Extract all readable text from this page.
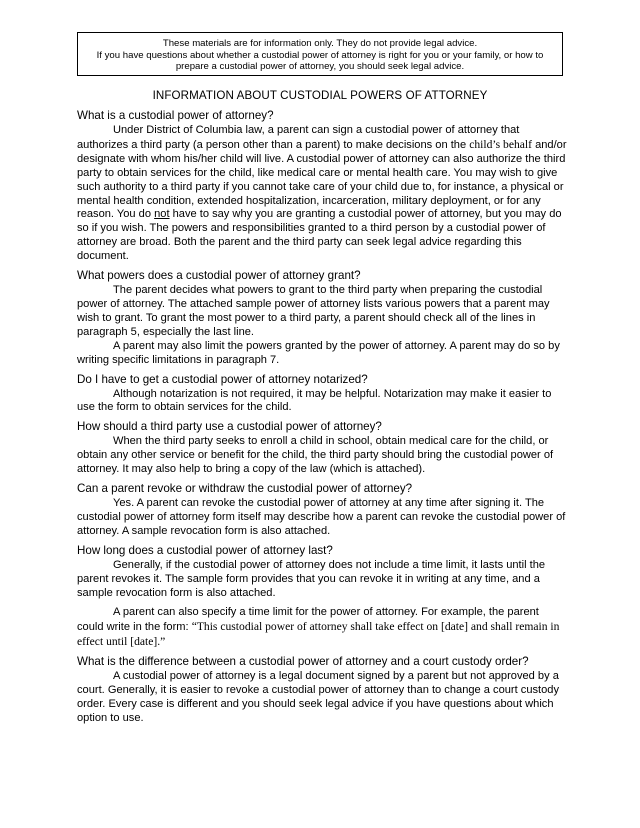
These materials are for information only. They do not provide legal advice.
If you have questions about whether a custodial power of attorney is right for you or your family, or how to prepare a custodial power of attorney, you should seek legal advice.
INFORMATION ABOUT CUSTODIAL POWERS OF ATTORNEY
What is a custodial power of attorney?

Under District of Columbia law, a parent can sign a custodial power of attorney that authorizes a third party (a person other than a parent) to make decisions on the child’s behalf and/or designate with whom his/her child will live. A custodial power of attorney can also authorize the third party to obtain services for the child, like medical care or mental health care. You may wish to give such authority to a third party if you cannot take care of your child due to, for instance, a physical or mental health condition, extended hospitalization, incarceration, military deployment, or for any reason. You do not have to say why you are granting a custodial power of attorney, but you may do so if you wish. The powers and responsibilities granted to a third person by a custodial power of attorney are broad. Both the parent and the third party can seek legal advice regarding this document.

What powers does a custodial power of attorney grant?

The parent decides what powers to grant to the third party when preparing the custodial power of attorney. The attached sample power of attorney lists various powers that a parent may wish to grant. To grant the most power to a third party, a parent should check all of the lines in paragraph 5, especially the last line.

A parent may also limit the powers granted by the power of attorney. A parent may do so by writing specific limitations in paragraph 7.

Do I have to get a custodial power of attorney notarized?

Although notarization is not required, it may be helpful. Notarization may make it easier to use the form to obtain services for the child.

How should a third party use a custodial power of attorney?

When the third party seeks to enroll a child in school, obtain medical care for the child, or obtain any other service or benefit for the child, the third party should bring the custodial power of attorney. It may also help to bring a copy of the law (which is attached).

Can a parent revoke or withdraw the custodial power of attorney?

Yes. A parent can revoke the custodial power of attorney at any time after signing it. The custodial power of attorney form itself may describe how a parent can revoke the custodial power of attorney. A sample revocation form is also attached.

How long does a custodial power of attorney last?

Generally, if the custodial power of attorney does not include a time limit, it lasts until the parent revokes it. The sample form provides that you can revoke it in writing at any time, and a sample revocation form is also attached.

A parent can also specify a time limit for the power of attorney. For example, the parent could write in the form: “This custodial power of attorney shall take effect on [date] and shall remain in effect until [date].”

What is the difference between a custodial power of attorney and a court custody order?

A custodial power of attorney is a legal document signed by a parent but not approved by a court. Generally, it is easier to revoke a custodial power of attorney than to change a court custody order. Every case is different and you should seek legal advice if you have questions about which option to use.
